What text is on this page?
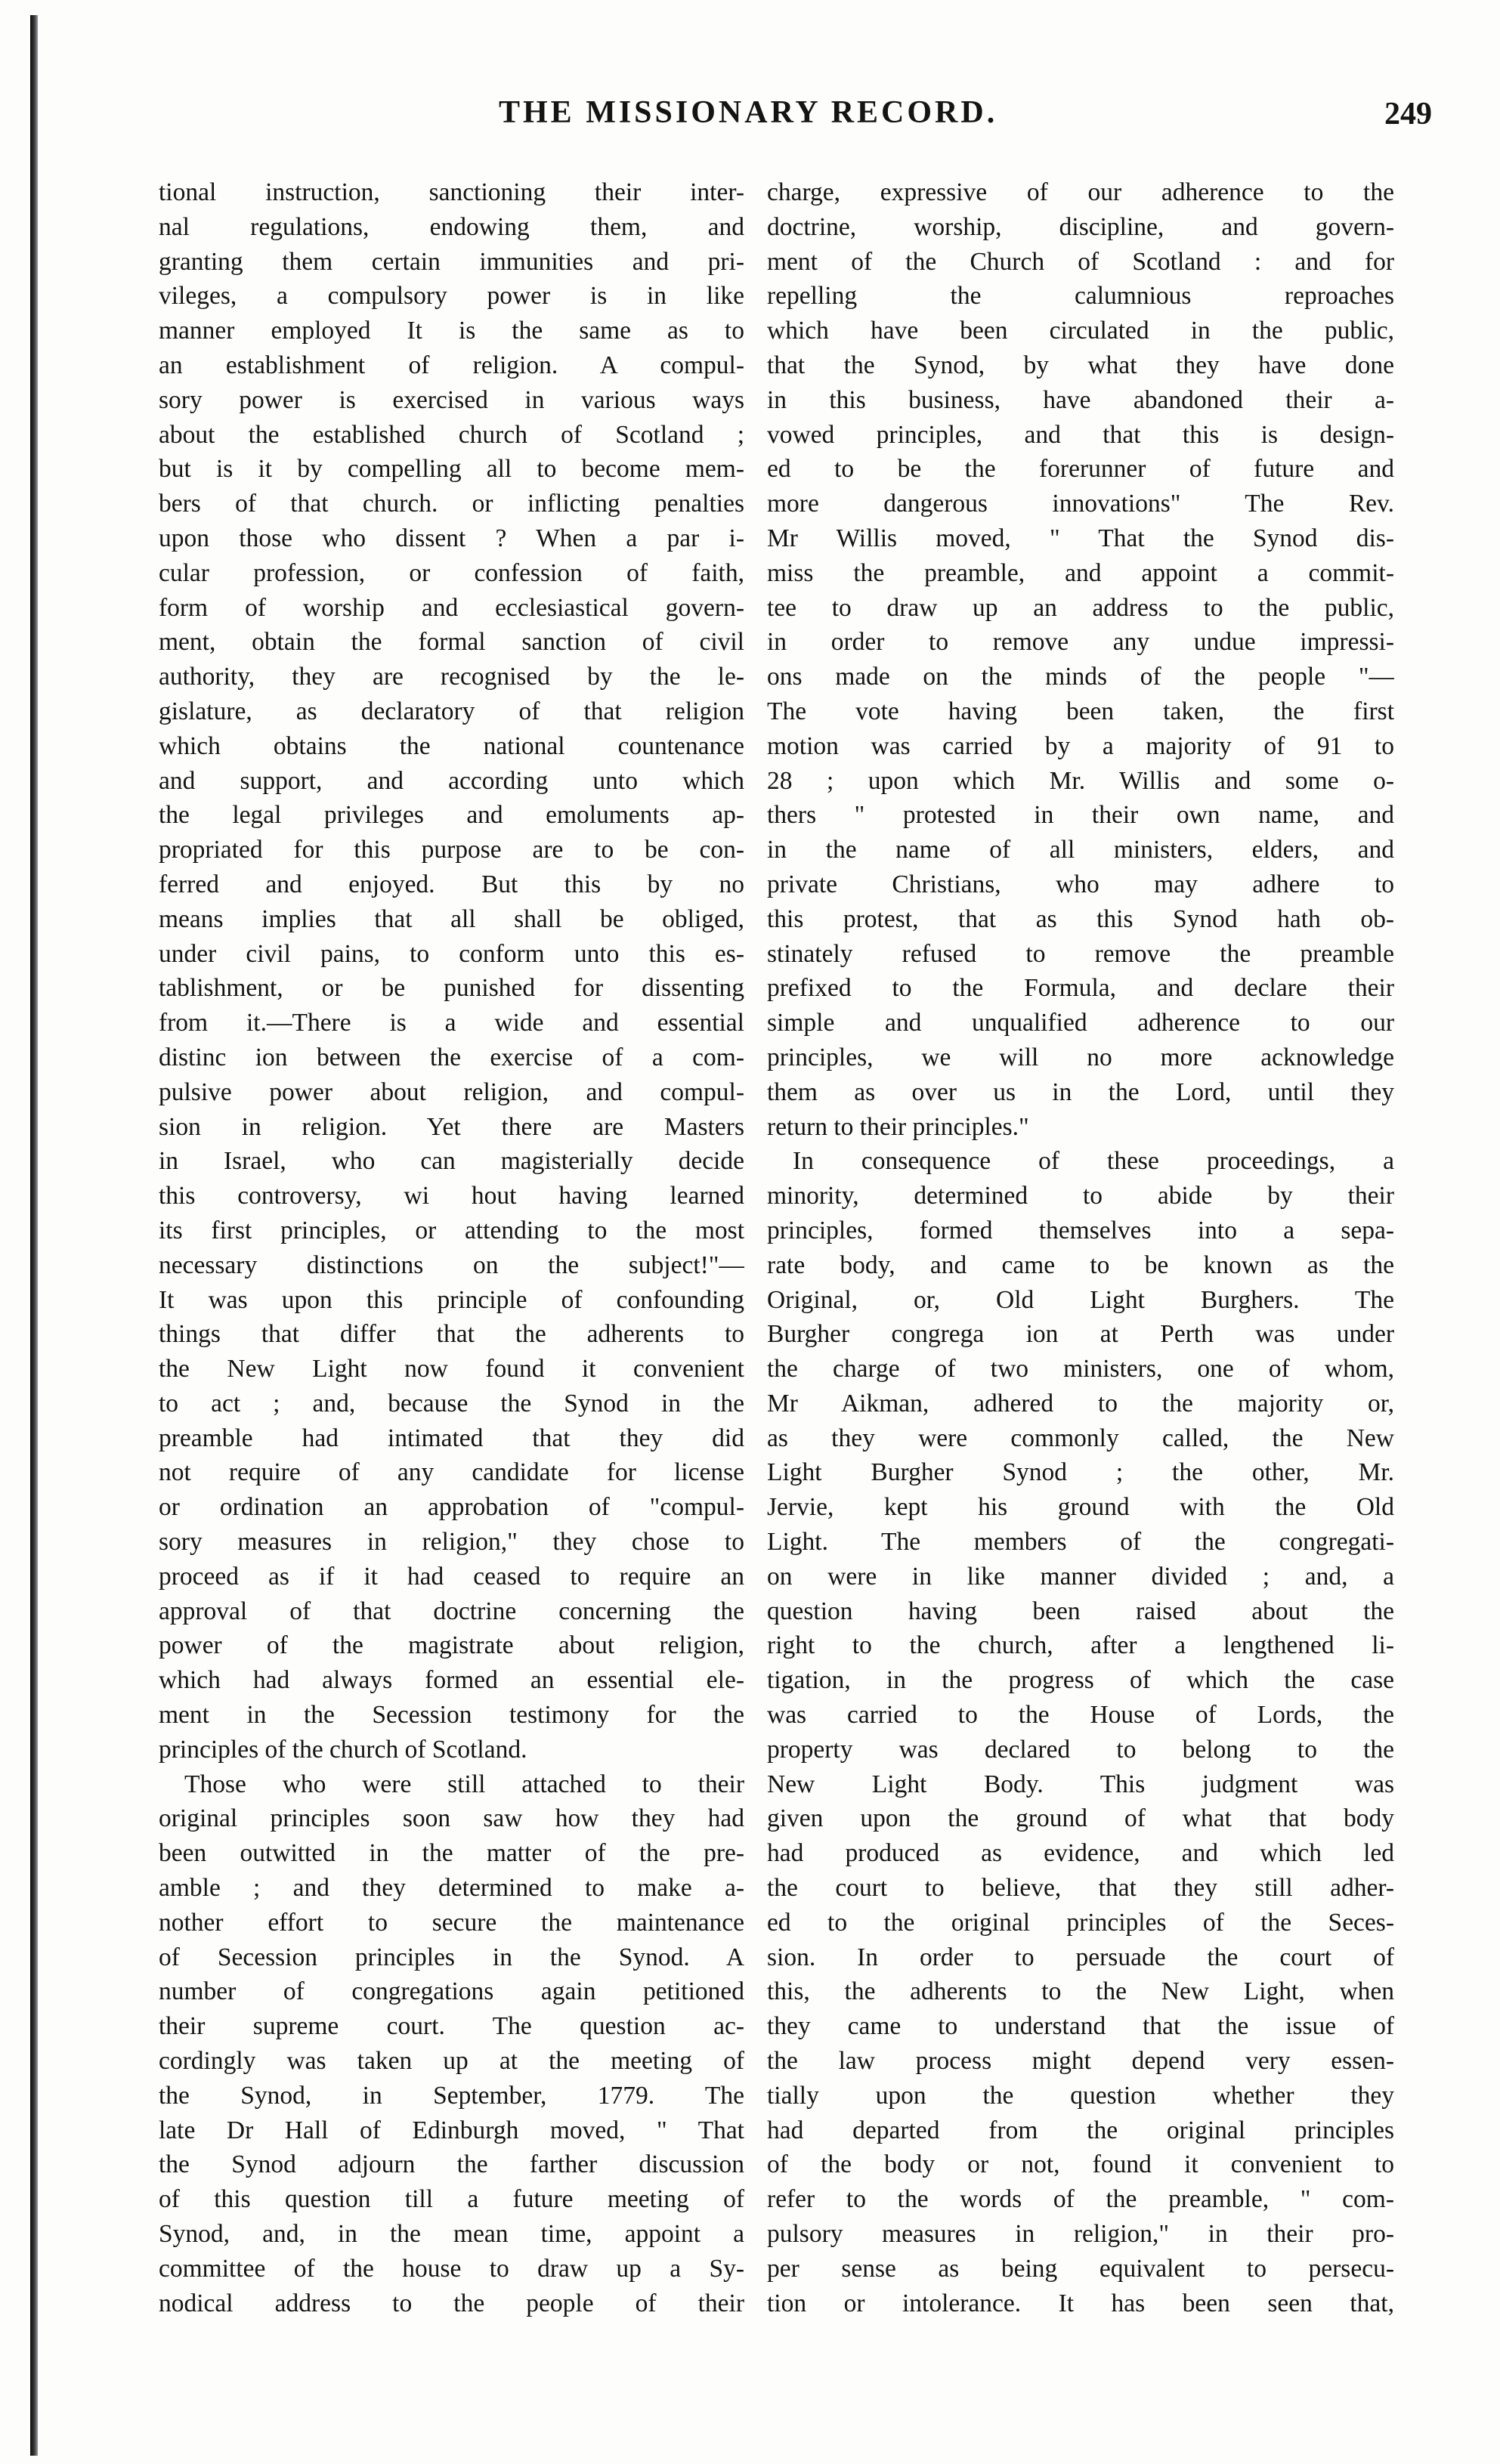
THE MISSIONARY RECORD.	249
tional instruction, sanctioning their inter-
nal regulations, endowing them, and
granting them certain immunities and pri-
vileges, a compulsory power is in like
manner employed It is the same as to
an establishment of religion. A compul-
sory power is exercised in various ways
about the established church of Scotland ;
but is it by compelling all to become mem-
bers of that church. or inflicting penalties
upon those who dissent ? When a par i-
cular profession, or confession of faith,
form of worship and ecclesiastical govern-
ment, obtain the formal sanction of civil
authority, they are recognised by the le-
gislature, as declaratory of that religion
which obtains the national countenance
and support, and according unto which
the legal privileges and emoluments ap-
propriated for this purpose are to be con-
ferred and enjoyed. But this by no
means implies that all shall be obliged,
under civil pains, to conform unto this es-
tablishment, or be punished for dissenting
from it.—There is a wide and essential
distinc ion between the exercise of a com-
pulsive power about religion, and compul-
sion in religion. Yet there are Masters
in Israel, who can magisterially decide
this controversy, wi hout having learned
its first principles, or attending to the most
necessary distinctions on the subject!"—
It was upon this principle of confounding
things that differ that the adherents to
the New Light now found it convenient
to act ; and, because the Synod in the
preamble had intimated that they did
not require of any candidate for license
or ordination an approbation of "compul-
sory measures in religion," they chose to
proceed as if it had ceased to require an
approval of that doctrine concerning the
power of the magistrate about religion,
which had always formed an essential ele-
ment in the Secession testimony for the
principles of the church of Scotland.
Those who were still attached to their
original principles soon saw how they had
been outwitted in the matter of the pre-
amble ; and they determined to make a-
nother effort to secure the maintenance
of Secession principles in the Synod. A
number of congregations again petitioned
their supreme court. The question ac-
cordingly was taken up at the meeting of
the Synod, in September, 1779. The
late Dr Hall of Edinburgh moved, " That
the Synod adjourn the farther discussion
of this question till a future meeting of
Synod, and, in the mean time, appoint a
committee of the house to draw up a Sy-
nodical address to the people of their
charge, expressive of our adherence to the
doctrine, worship, discipline, and govern-
ment of the Church of Scotland : and for
repelling the calumnious reproaches
which have been circulated in the public,
that the Synod, by what they have done
in this business, have abandoned their a-
vowed principles, and that this is design-
ed to be the forerunner of future and
more dangerous innovations" The Rev.
Mr Willis moved, " That the Synod dis-
miss the preamble, and appoint a commit-
tee to draw up an address to the public,
in order to remove any undue impressi-
ons made on the minds of the people "—
The vote having been taken, the first
motion was carried by a majority of 91 to
28 ; upon which Mr. Willis and some o-
thers " protested in their own name, and
in the name of all ministers, elders, and
private Christians, who may adhere to
this protest, that as this Synod hath ob-
stinately refused to remove the preamble
prefixed to the Formula, and declare their
simple and unqualified adherence to our
principles, we will no more acknowledge
them as over us in the Lord, until they
return to their principles."
In consequence of these proceedings, a
minority, determined to abide by their
principles, formed themselves into a sepa-
rate body, and came to be known as the
Original, or, Old Light Burghers. The
Burgher congrega ion at Perth was under
the charge of two ministers, one of whom,
Mr Aikman, adhered to the majority or,
as they were commonly called, the New
Light Burgher Synod ; the other, Mr.
Jervie, kept his ground with the Old
Light. The members of the congregati-
on were in like manner divided ; and, a
question having been raised about the
right to the church, after a lengthened li-
tigation, in the progress of which the case
was carried to the House of Lords, the
property was declared to belong to the
New Light Body. This judgment was
given upon the ground of what that body
had produced as evidence, and which led
the court to believe, that they still adher-
ed to the original principles of the Seces-
sion. In order to persuade the court of
this, the adherents to the New Light, when
they came to understand that the issue of
the law process might depend very essen-
tially upon the question whether they
had departed from the original principles
of the body or not, found it convenient to
refer to the words of the preamble, " com-
pulsory measures in religion," in their pro-
per sense as being equivalent to persecu-
tion or intolerance. It has been seen that,
